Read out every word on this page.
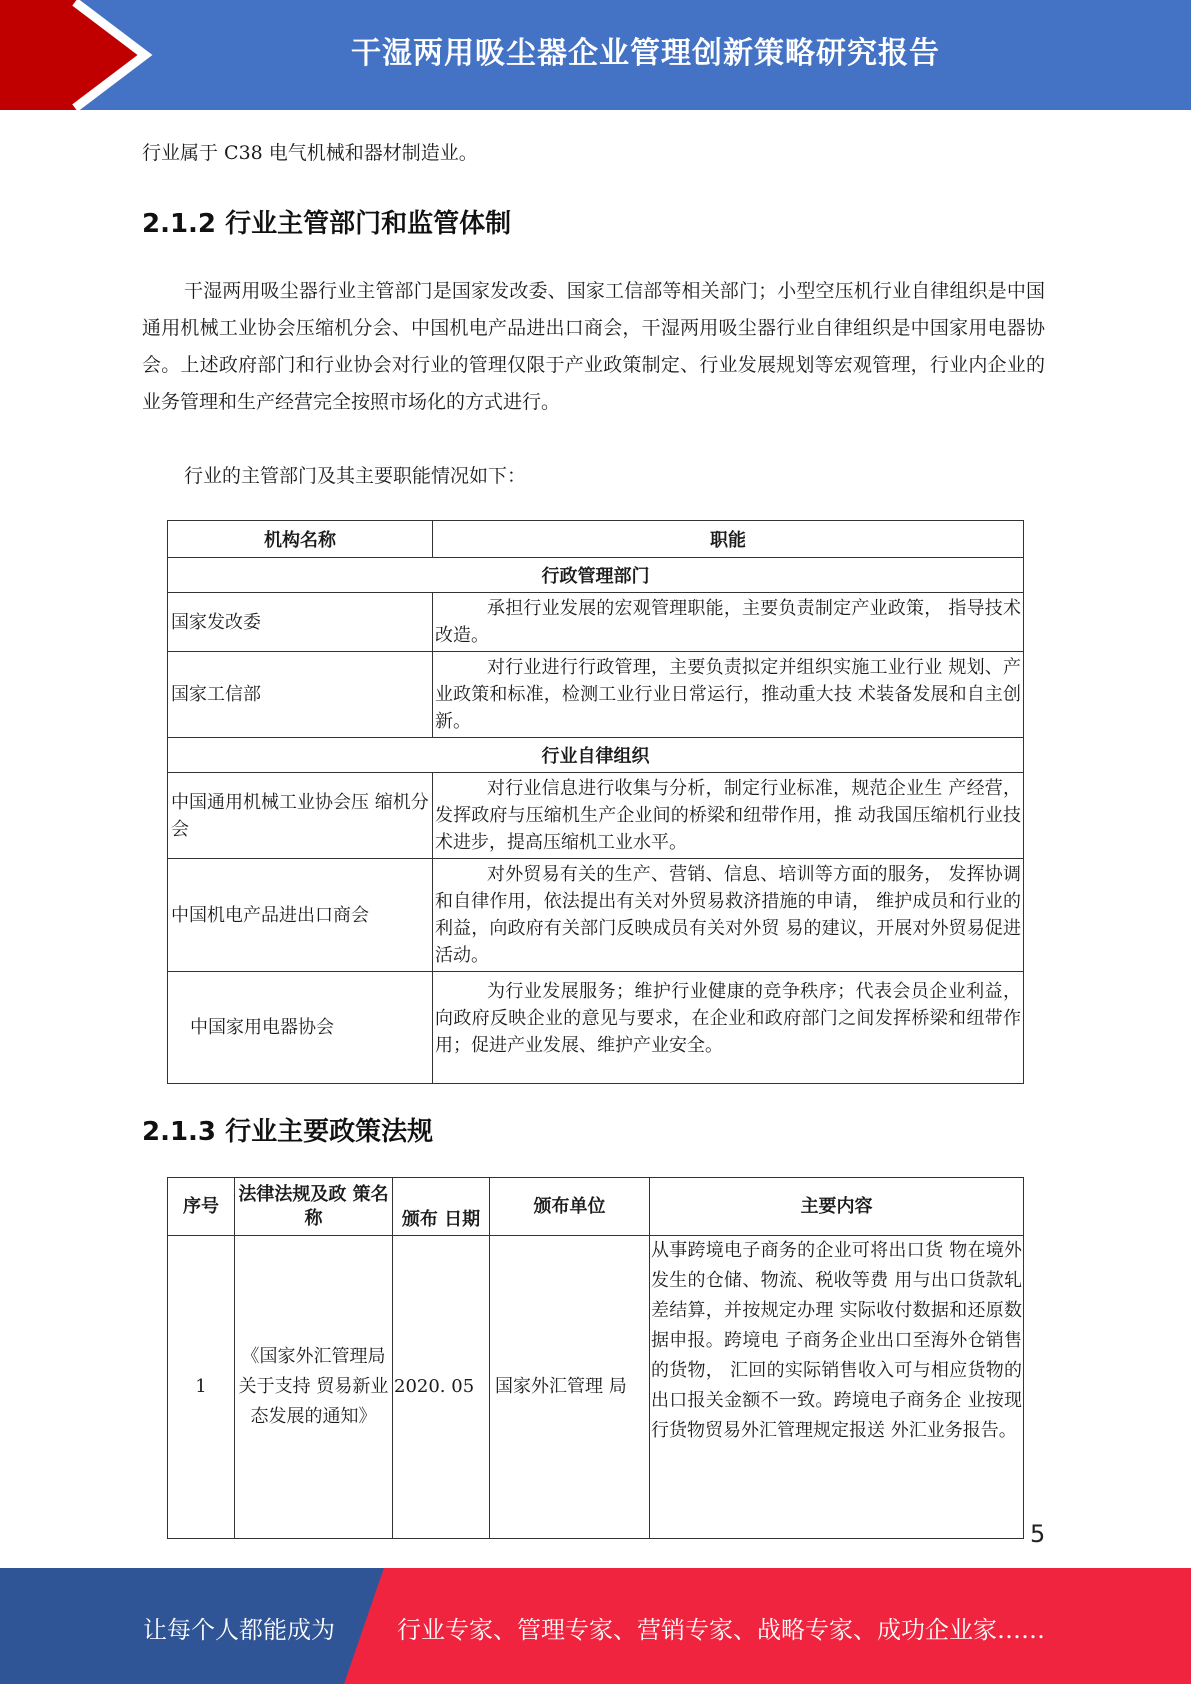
干湿两用吸尘器企业管理创新策略研究报告
行业属于 C38 电气机械和器材制造业。
2.1.2 行业主管部门和监管体制

干湿两用吸尘器行业主管部门是国家发改委、国家工信部等相关部门；小型空压机行业自律组织是中国通用机械工业协会压缩机分会、中国机电产品进出口商会，干湿两用吸尘器行业自律组织是中国家用电器协会。上述政府部门和行业协会对行业的管理仅限于产业政策制定、行业发展规划等宏观管理，行业内企业的业务管理和生产经营完全按照市场化的方式进行。

行业的主管部门及其主要职能情况如下：

机构名称	职能
行政管理部门	
国家发改委	承担行业发展的宏观管理职能，主要负责制定产业政策， 指导技术改造。
国家工信部	对行业进行行政管理，主要负责拟定并组织实施工业行业 规划、产业政策和标准，检测工业行业日常运行，推动重大技 术装备发展和自主创新。
行业自律组织	
中国通用机械工业协会压 缩机分会	对行业信息进行收集与分析，制定行业标准，规范企业生 产经营，发挥政府与压缩机生产企业间的桥梁和纽带作用，推 动我国压缩机行业技术进步，提高压缩机工业水平。
中国机电产品进出口商会	对外贸易有关的生产、营销、信息、培训等方面的服务， 发挥协调和自律作用，依法提出有关对外贸易救济措施的申请， 维护成员和行业的利益，向政府有关部门反映成员有关对外贸 易的建议，开展对外贸易促进活动。
中国家用电器协会	为行业发展服务；维护行业健康的竞争秩序；代表会员企业利益，向政府反映企业的意见与要求，在企业和政府部门之间发挥桥梁和纽带作用；促进产业发展、维护产业安全。
2.1.3 行业主要政策法规
序号	法律法规及政 策名称	颁布 日期	颁布单位	主要内容
1	《国家外汇管理局关于支持 贸易新业态发展的通知》	2020. 05	国家外汇管理 局	从事跨境电子商务的企业可将出口货 物在境外发生的仓储、物流、税收等费 用与出口货款轧差结算，并按规定办理 实际收付数据和还原数据申报。跨境电 子商务企业出口至海外仓销售的货物， 汇回的实际销售收入可与相应货物的 出口报关金额不一致。跨境电子商务企 业按现行货物贸易外汇管理规定报送 外汇业务报告。
5
让每个人都能成为	行业专家、管理专家、营销专家、战略专家、成功企业家……
